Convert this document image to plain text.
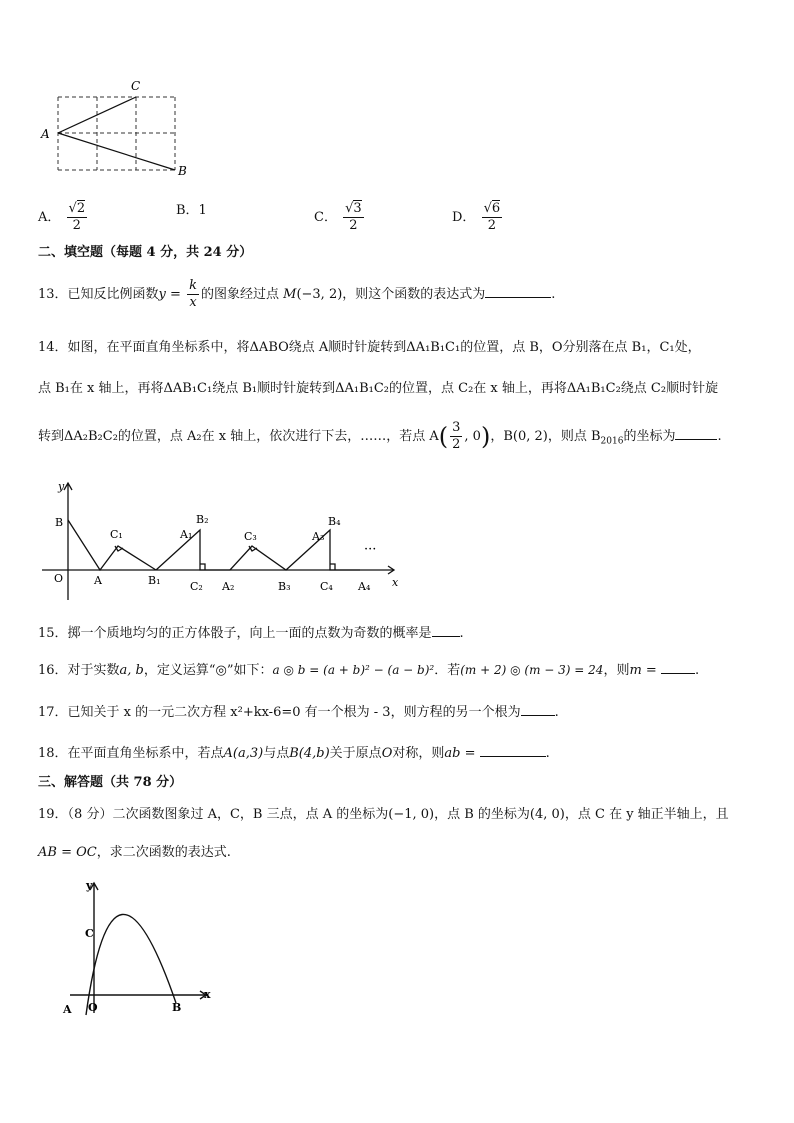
A
C
B
A． $\frac{√2}{2}$	B．1	C． $\frac{√3}{2}$	D． $\frac{√6}{2}$
二、填空题（每题 4 分，共 24 分）
13．已知反比例函数$y = \frac{k}{x}$ 的图象经过点 M(−3, 2)，则这个函数的表达式为	.
14．如图，在平面直角坐标系中，将ΔABO绕点 A顺时针旋转到ΔA₁B₁C₁的位置，点 B，O分别落在点 B₁，C₁处，
点 B₁在 x 轴上，再将ΔAB₁C₁绕点 B₁顺时针旋转到ΔA₁B₁C₂的位置，点 C₂在 x 轴上，再将ΔA₁B₁C₂绕点 C₂顺时针旋
转到ΔA₂B₂C₂的位置，点 A₂在 x 轴上，依次进行下去，……，若点 $A( \frac{3}{2}$ , 0)，B(0, 2)，则点 $B_{2016}$的坐标为	.
y
x
O
B
A
C₁
B₁
A₁
B₂
C₂ A₂
C₃
B₃
A₃
B₄
C₄ A₄
···
15．掷一个质地均匀的正方体骰子，向上一面的点数为奇数的概率是 .
16．对于实数a, b，定义运算“◎”如下：a ◎ b = (a + b)² − (a − b)²．若(m + 2) ◎ (m − 3) = 24，则m =	.
17．已知关于 x 的一元二次方程 x²+kx-6=0 有一个根为 - 3，则方程的另一个根为	.
18．在平面直角坐标系中，若点A(a,3)与点B(4,b)关于原点O对称，则ab =	.
三、解答题（共 78 分）
19．（8 分）二次函数图象过 A，C，B 三点，点 A 的坐标为(−1, 0)，点 B 的坐标为(4, 0)，点 C 在 y 轴正半轴上，且
AB = OC，求二次函数的表达式.
y
x
C
A O	B
